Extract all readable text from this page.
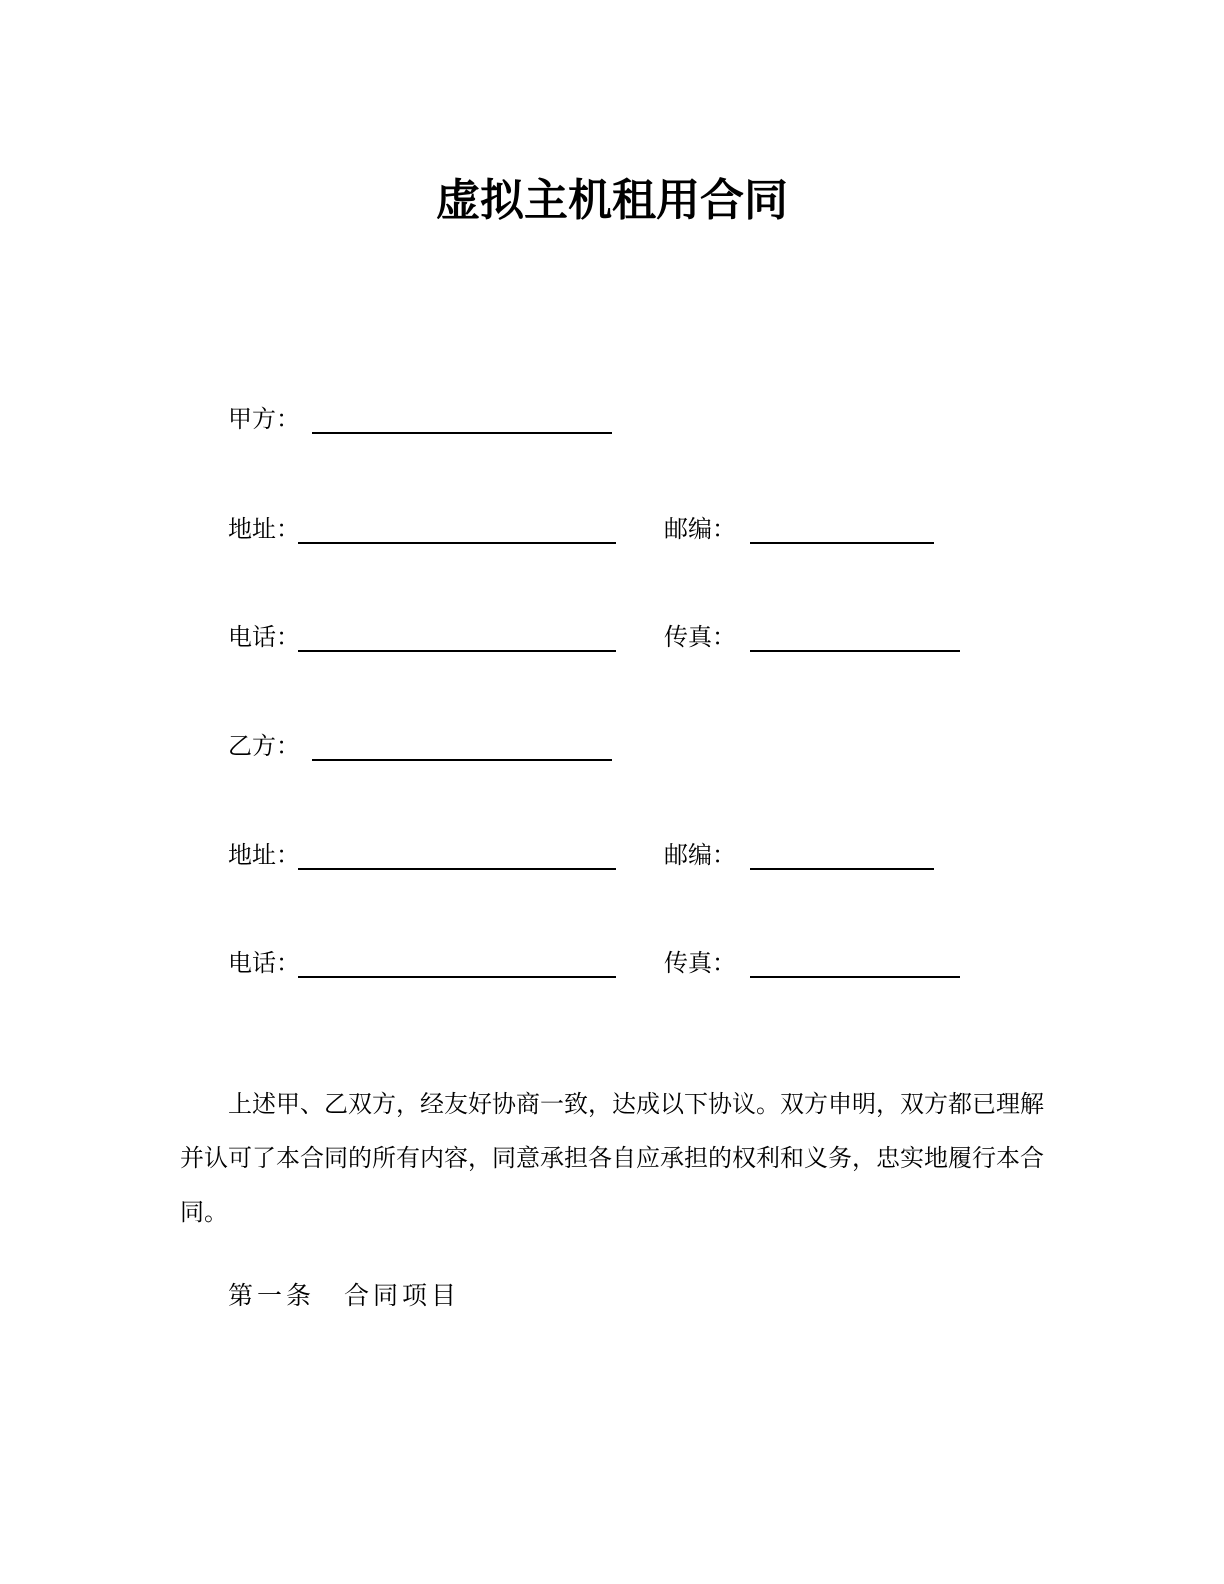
虚拟主机租用合同
甲方：
地址：	邮编：
电话：	传真：
乙方：
地址：	邮编：
电话：	传真：

上述甲、乙双方，经友好协商一致，达成以下协议。双方申明，双方都已理解并认可了本合同的所有内容，同意承担各自应承担的权利和义务，忠实地履行本合同。

第一条　合同项目
